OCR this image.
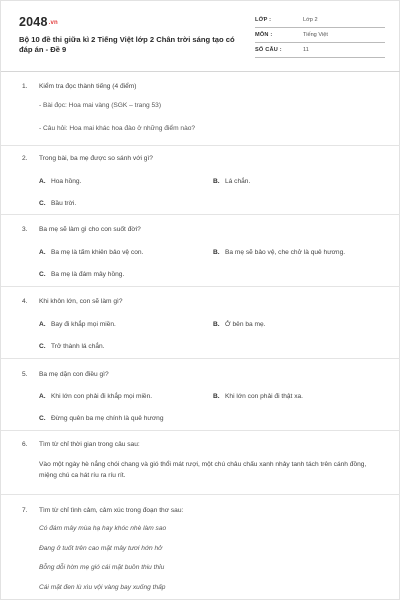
2048.vn
Bộ 10 đề thi giữa kì 2 Tiếng Việt lớp 2 Chân trời sáng tạo có đáp án - Đề 9
LỚP :	Lớp 2
MÔN :	Tiếng Việt
SỐ CÂU :	11
1. Kiểm tra đọc thành tiếng (4 điểm)
- Bài đọc: Hoa mai vàng (SGK – trang 53)
- Câu hỏi: Hoa mai khác hoa đào ở những điểm nào?
2. Trong bài, ba mẹ được so sánh với gì?
A. Hoa hồng.	B. Lá chắn.
C. Bầu trời.
3. Ba mẹ sẽ làm gì cho con suốt đời?
A. Ba mẹ là tấm khiên bảo vệ con.	B. Ba mẹ sẽ bảo vệ, che chở là quê hương.
C. Ba mẹ là đám mây hồng.
4. Khi khôn lớn, con sẽ làm gì?
A. Bay đi khắp mọi miền.	B. Ở bên ba mẹ.
C. Trở thành lá chắn.
5. Ba mẹ dặn con điều gì?
A. Khi lớn con phải đi khắp mọi miền.	B. Khi lớn con phải đi thật xa.
C. Đừng quên ba mẹ chính là quê hương
6. Tìm từ chỉ thời gian trong câu sau:
Vào một ngày hè nắng chói chang và gió thổi mát rượi, một chú châu chấu xanh nhảy tanh tách trên cánh đồng, miệng chú ca hát ríu ra ríu rít.
7. Tìm từ chỉ tình cảm, cảm xúc trong đoạn thơ sau:
Có đám mây mùa hạ hay khóc nhè làm sao
Đang ở tuốt trên cao mặt mây tươi hớn hở
Bỗng dỗi hờn mẹ gió cái mặt buồn thiu thỉu
Cái mặt đen lù xìu vội vàng bay xuống thấp
